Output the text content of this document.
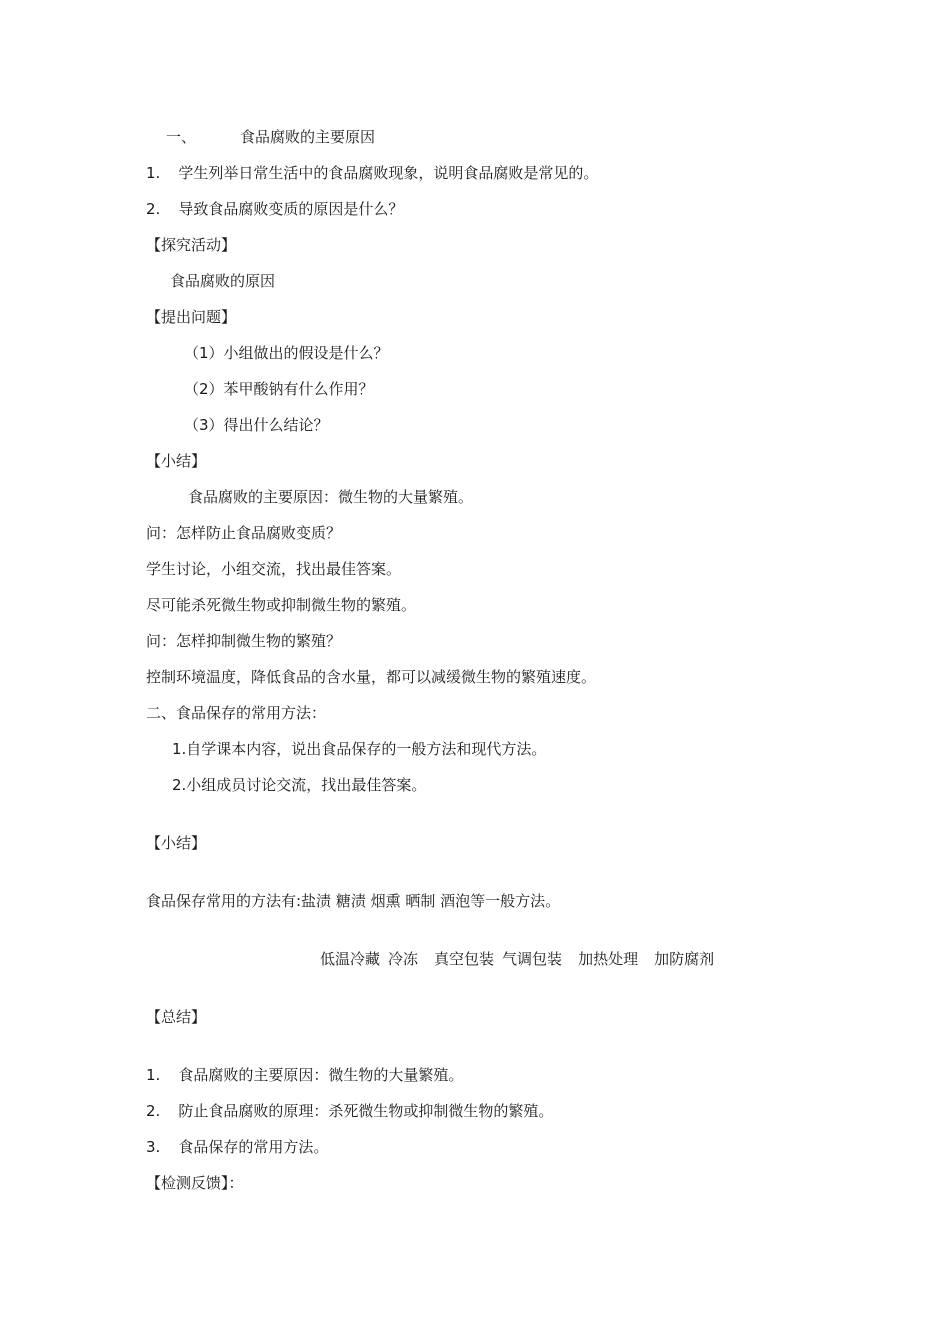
一、	食品腐败的主要原因
1. 学生列举日常生活中的食品腐败现象，说明食品腐败是常见的。
2. 导致食品腐败变质的原因是什么？
【探究活动】
食品腐败的原因
【提出问题】
（1）小组做出的假设是什么？
（2）苯甲酸钠有什么作用？
（3）得出什么结论？
【小结】
食品腐败的主要原因：微生物的大量繁殖。
问：怎样防止食品腐败变质？
学生讨论，小组交流，找出最佳答案。
尽可能杀死微生物或抑制微生物的繁殖。
问：怎样抑制微生物的繁殖？
控制环境温度，降低食品的含水量，都可以减缓微生物的繁殖速度。
二、食品保存的常用方法：
1.自学课本内容，说出食品保存的一般方法和现代方法。
2.小组成员讨论交流，找出最佳答案。
【小结】
食品保存常用的方法有:盐渍 糖渍 烟熏 晒制 酒泡等一般方法。
低温冷藏 冷冻 真空包装 气调包装 加热处理 加防腐剂
【总结】
1. 食品腐败的主要原因：微生物的大量繁殖。
2. 防止食品腐败的原理：杀死微生物或抑制微生物的繁殖。
3. 食品保存的常用方法。
【检测反馈】：
